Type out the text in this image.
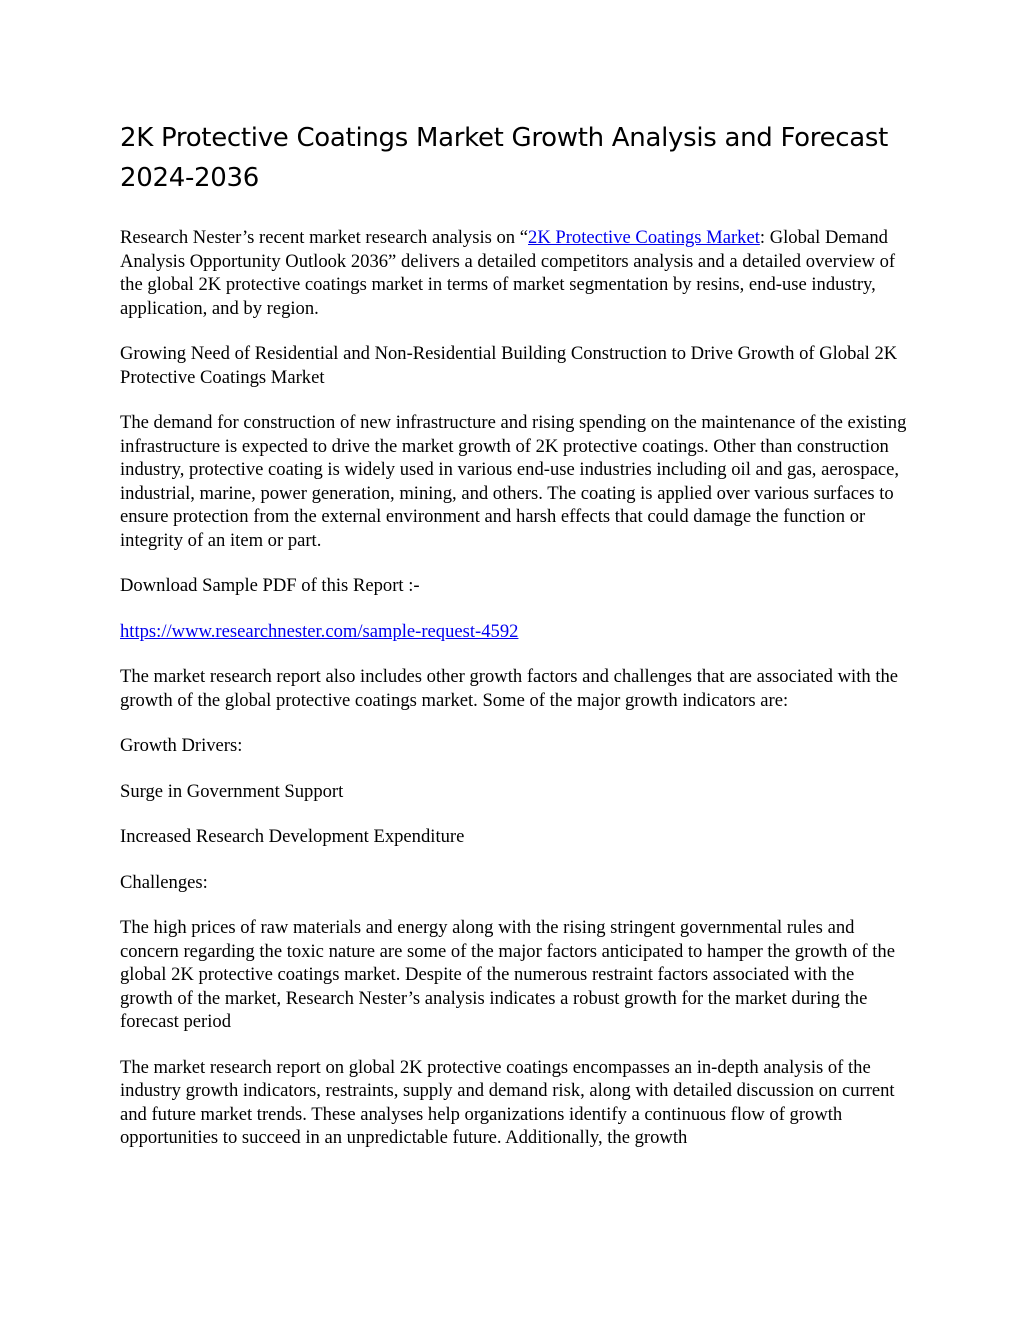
2K Protective Coatings Market Growth Analysis and Forecast 2024-2036

Research Nester’s recent market research analysis on “2K Protective Coatings Market: Global Demand Analysis Opportunity Outlook 2036” delivers a detailed competitors analysis and a detailed overview of the global 2K protective coatings market in terms of market segmentation by resins, end-use industry, application, and by region.

Growing Need of Residential and Non-Residential Building Construction to Drive Growth of Global 2K Protective Coatings Market

The demand for construction of new infrastructure and rising spending on the maintenance of the existing infrastructure is expected to drive the market growth of 2K protective coatings. Other than construction industry, protective coating is widely used in various end-use industries including oil and gas, aerospace, industrial, marine, power generation, mining, and others. The coating is applied over various surfaces to ensure protection from the external environment and harsh effects that could damage the function or integrity of an item or part.

Download Sample PDF of this Report :-

https://www.researchnester.com/sample-request-4592

The market research report also includes other growth factors and challenges that are associated with the growth of the global protective coatings market. Some of the major growth indicators are:

Growth Drivers:

Surge in Government Support

Increased Research Development Expenditure

Challenges:

The high prices of raw materials and energy along with the rising stringent governmental rules and concern regarding the toxic nature are some of the major factors anticipated to hamper the growth of the global 2K protective coatings market. Despite of the numerous restraint factors associated with the growth of the market, Research Nester’s analysis indicates a robust growth for the market during the forecast period

The market research report on global 2K protective coatings encompasses an in-depth analysis of the industry growth indicators, restraints, supply and demand risk, along with detailed discussion on current and future market trends. These analyses help organizations identify a continuous flow of growth opportunities to succeed in an unpredictable future. Additionally, the growth
